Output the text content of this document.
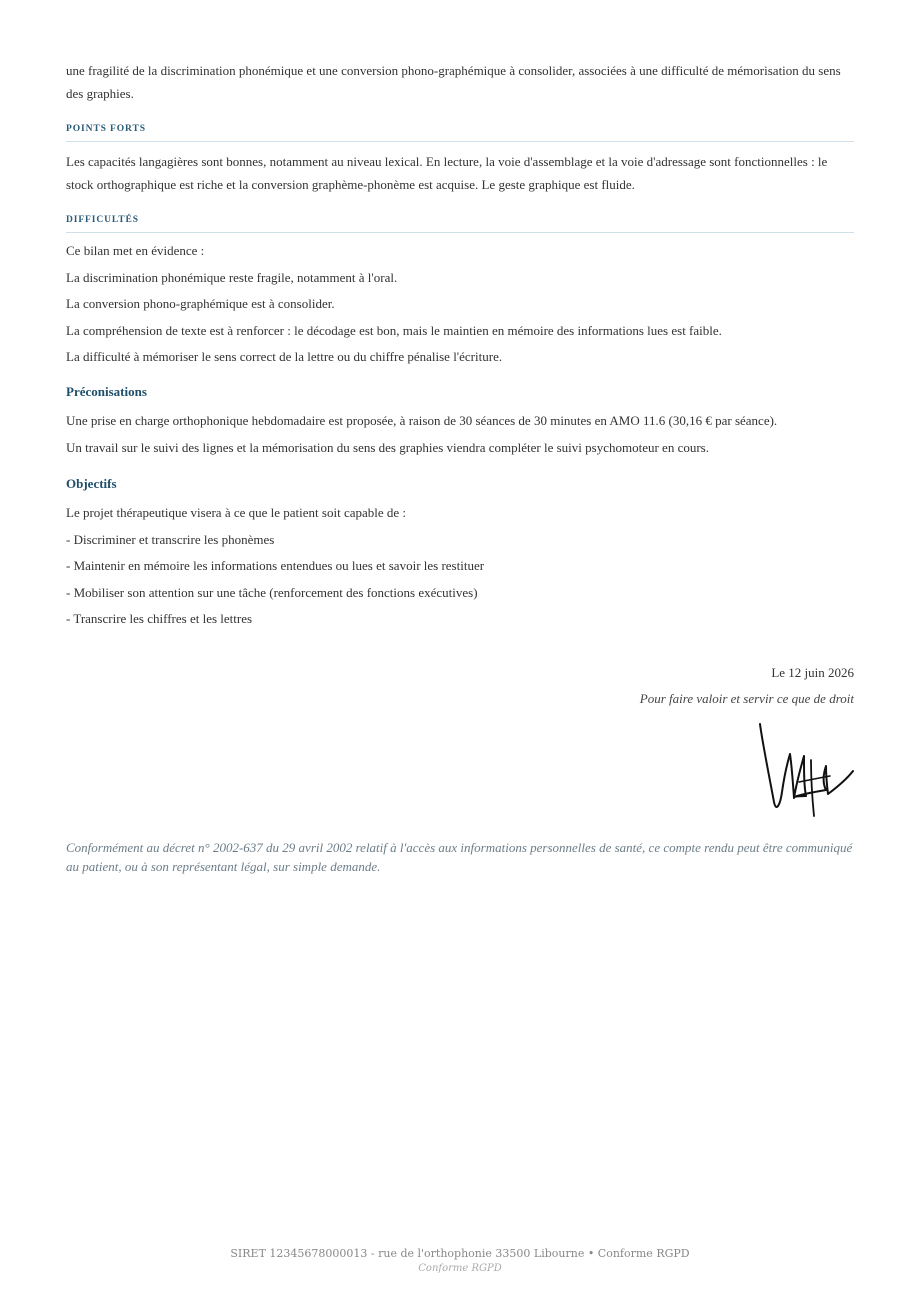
une fragilité de la discrimination phonémique et une conversion phono-graphémique à consolider, associées à une difficulté de mémorisation du sens des graphies.

POINTS FORTS

Les capacités langagières sont bonnes, notamment au niveau lexical. En lecture, la voie d'assemblage et la voie d'adressage sont fonctionnelles : le stock orthographique est riche et la conversion graphème-phonème est acquise. Le geste graphique est fluide.

DIFFICULTÉS

Ce bilan met en évidence :

La discrimination phonémique reste fragile, notamment à l'oral.

La conversion phono-graphémique est à consolider.

La compréhension de texte est à renforcer : le décodage est bon, mais le maintien en mémoire des informations lues est faible.

La difficulté à mémoriser le sens correct de la lettre ou du chiffre pénalise l'écriture.

Préconisations

Une prise en charge orthophonique hebdomadaire est proposée, à raison de 30 séances de 30 minutes en AMO 11.6 (30,16 € par séance).

Un travail sur le suivi des lignes et la mémorisation du sens des graphies viendra compléter le suivi psychomoteur en cours.

Objectifs

Le projet thérapeutique visera à ce que le patient soit capable de :

- Discriminer et transcrire les phonèmes

- Maintenir en mémoire les informations entendues ou lues et savoir les restituer

- Mobiliser son attention sur une tâche (renforcement des fonctions exécutives)

- Transcrire les chiffres et les lettres

Le 12 juin 2026
Pour faire valoir et servir ce que de droit

Conformément au décret n° 2002-637 du 29 avril 2002 relatif à l'accès aux informations personnelles de santé, ce compte rendu peut être communiqué au patient, ou à son représentant légal, sur simple demande.

SIRET 12345678000013 - rue de l'orthophonie 33500 Libourne • Conforme RGPD
Conforme RGPD
